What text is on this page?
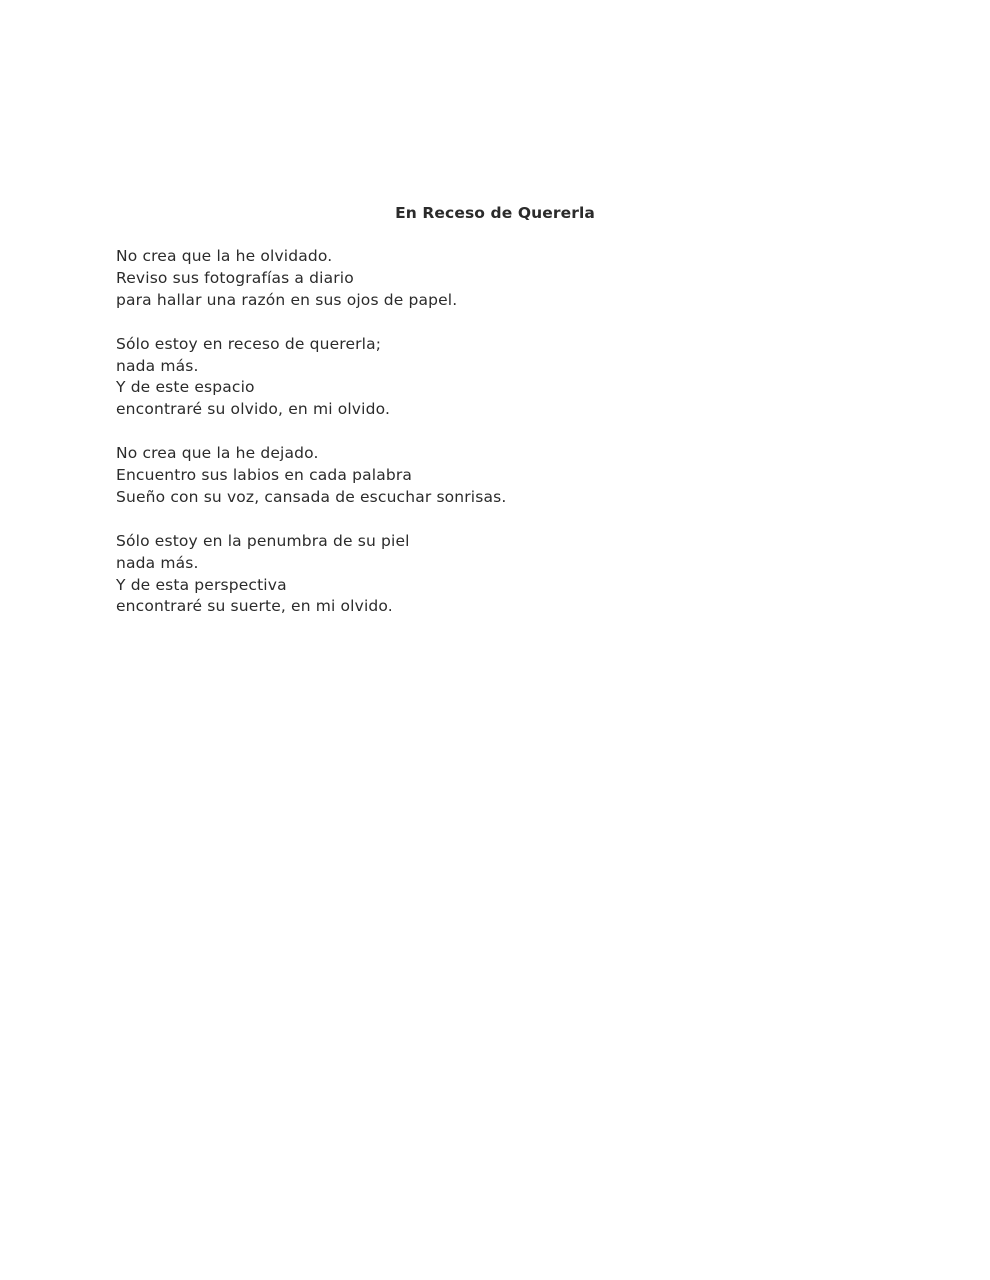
En Receso de Quererla
No crea que la he olvidado.
Reviso sus fotografías a diario
para hallar una razón en sus ojos de papel.
Sólo estoy en receso de quererla;
nada más.
Y de este espacio
encontraré su olvido, en mi olvido.
No crea que la he dejado.
Encuentro sus labios en cada palabra
Sueño con su voz, cansada de escuchar sonrisas.
Sólo estoy en la penumbra de su piel
nada más.
Y de esta perspectiva
encontraré su suerte, en mi olvido.
